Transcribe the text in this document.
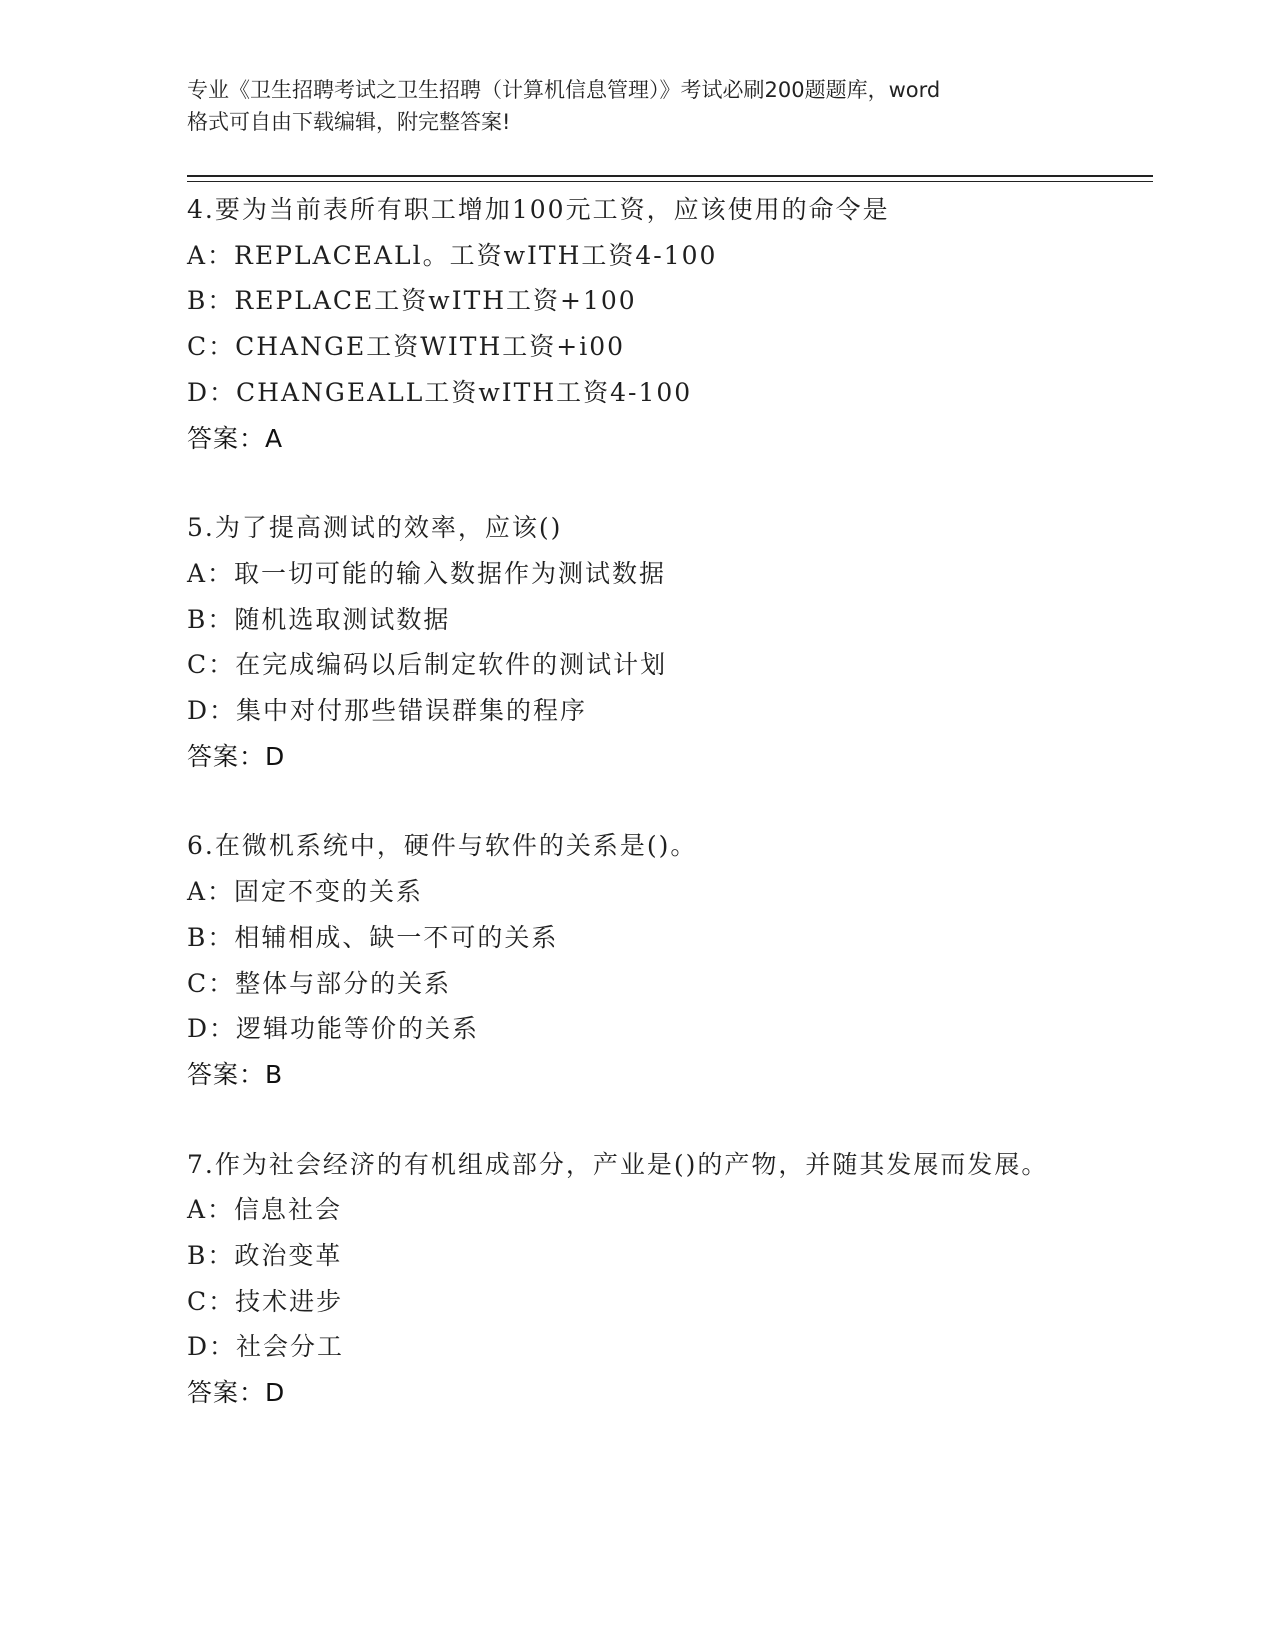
专业《卫生招聘考试之卫生招聘（计算机信息管理）》考试必刷200题题库，word
格式可自由下载编辑，附完整答案!
4.要为当前表所有职工增加100元工资，应该使用的命令是
A：REPLACEALl。工资wITH工资4-100
B：REPLACE工资wITH工资+100
C：CHANGE工资WITH工资+i00
D：CHANGEALL工资wITH工资4-100
答案：A
5.为了提高测试的效率，应该()
A：取一切可能的输入数据作为测试数据
B：随机选取测试数据
C：在完成编码以后制定软件的测试计划
D：集中对付那些错误群集的程序
答案：D
6.在微机系统中，硬件与软件的关系是()。
A：固定不变的关系
B：相辅相成、缺一不可的关系
C：整体与部分的关系
D：逻辑功能等价的关系
答案：B
7.作为社会经济的有机组成部分，产业是()的产物，并随其发展而发展。
A：信息社会
B：政治变革
C：技术进步
D：社会分工
答案：D
